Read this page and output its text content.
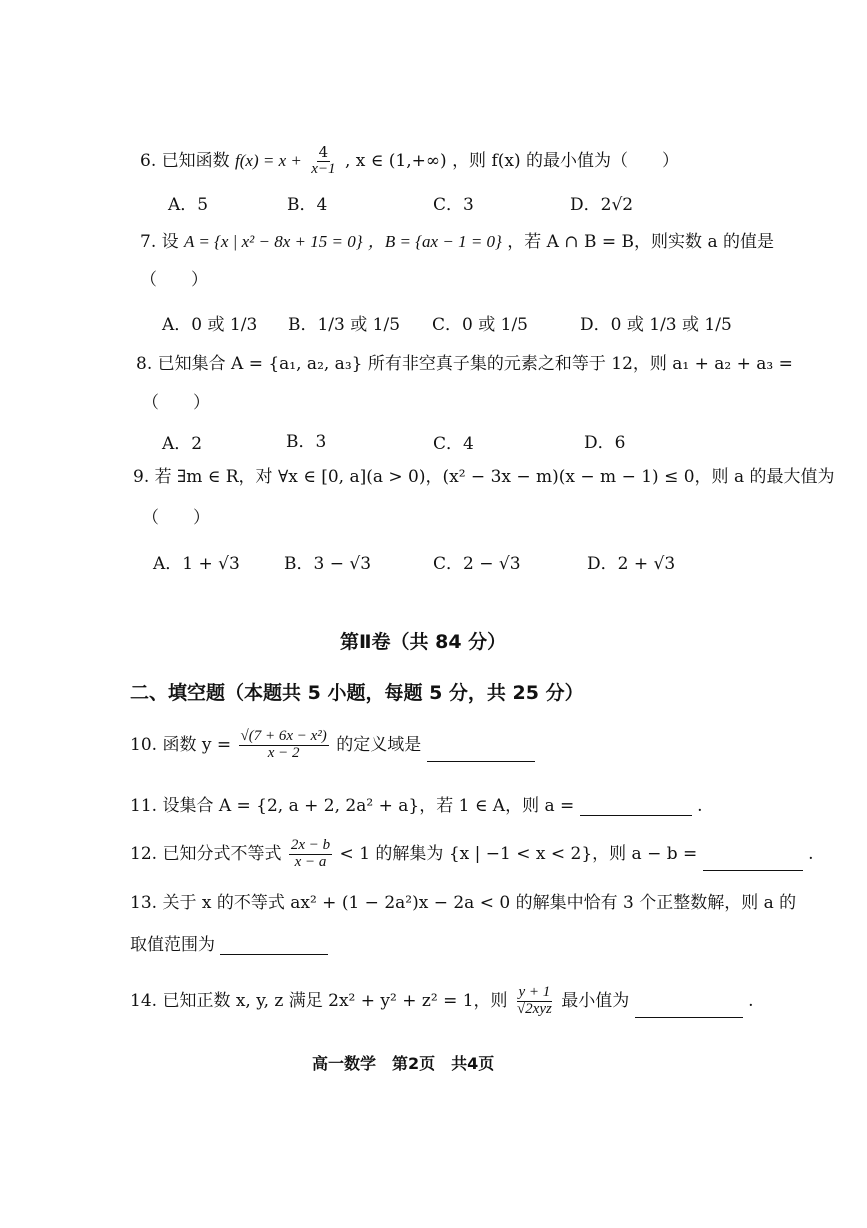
6. 已知函数 $f(x) = x + \frac{4}{x-1}$ , x ∈ (1,+∞) ，则 f(x) 的最小值为（　　）
A．5	B．4	C．3	D．2√2
7. 设 A = {x | x² − 8x + 15 = 0} ，B = {ax − 1 = 0} ，若 A ∩ B = B，则实数 a 的值是
（　　）
A．0 或 1/3 B．1/3 或 1/5 C．0 或 1/5	D．0 或 1/3 或 1/5
8. 已知集合 A = {a₁, a₂, a₃} 所有非空真子集的元素之和等于 12，则 a₁ + a₂ + a₃ =
（　　）
A．2	B．3	C．4	D．6
9. 若 ∃m ∈ R，对 ∀x ∈ [0, a](a > 0)，(x² − 3x − m)(x − m − 1) ≤ 0，则 a 的最大值为
（　　）
A．1 + √3	B．3 − √3	C．2 − √3	D．2 + √3
第Ⅱ卷（共 84 分）
二、填空题（本题共 5 小题，每题 5 分，共 25 分）
10. 函数 $y = \frac{\text{√(7 + 6x − x²)}}{x - 2}$ 的定义域是
11. 设集合 A = {2, a + 2, 2a² + a}，若 1 ∈ A，则 a =	.
12. 已知分式不等式 $\frac{2x - b}{x - a} < 1$ 的解集为 {x | −1 < x < 2}，则 a − b =	.
13. 关于 x 的不等式 ax² + (1 − 2a²)x − 2a < 0 的解集中恰有 3 个正整数解，则 a 的
取值范围为
14. 已知正数 x, y, z 满足 2x² + y² + z² = 1，则 $\frac{y + 1}{\text{√2xyz}}$ 最小值为	.
高一数学　第2页　共4页
